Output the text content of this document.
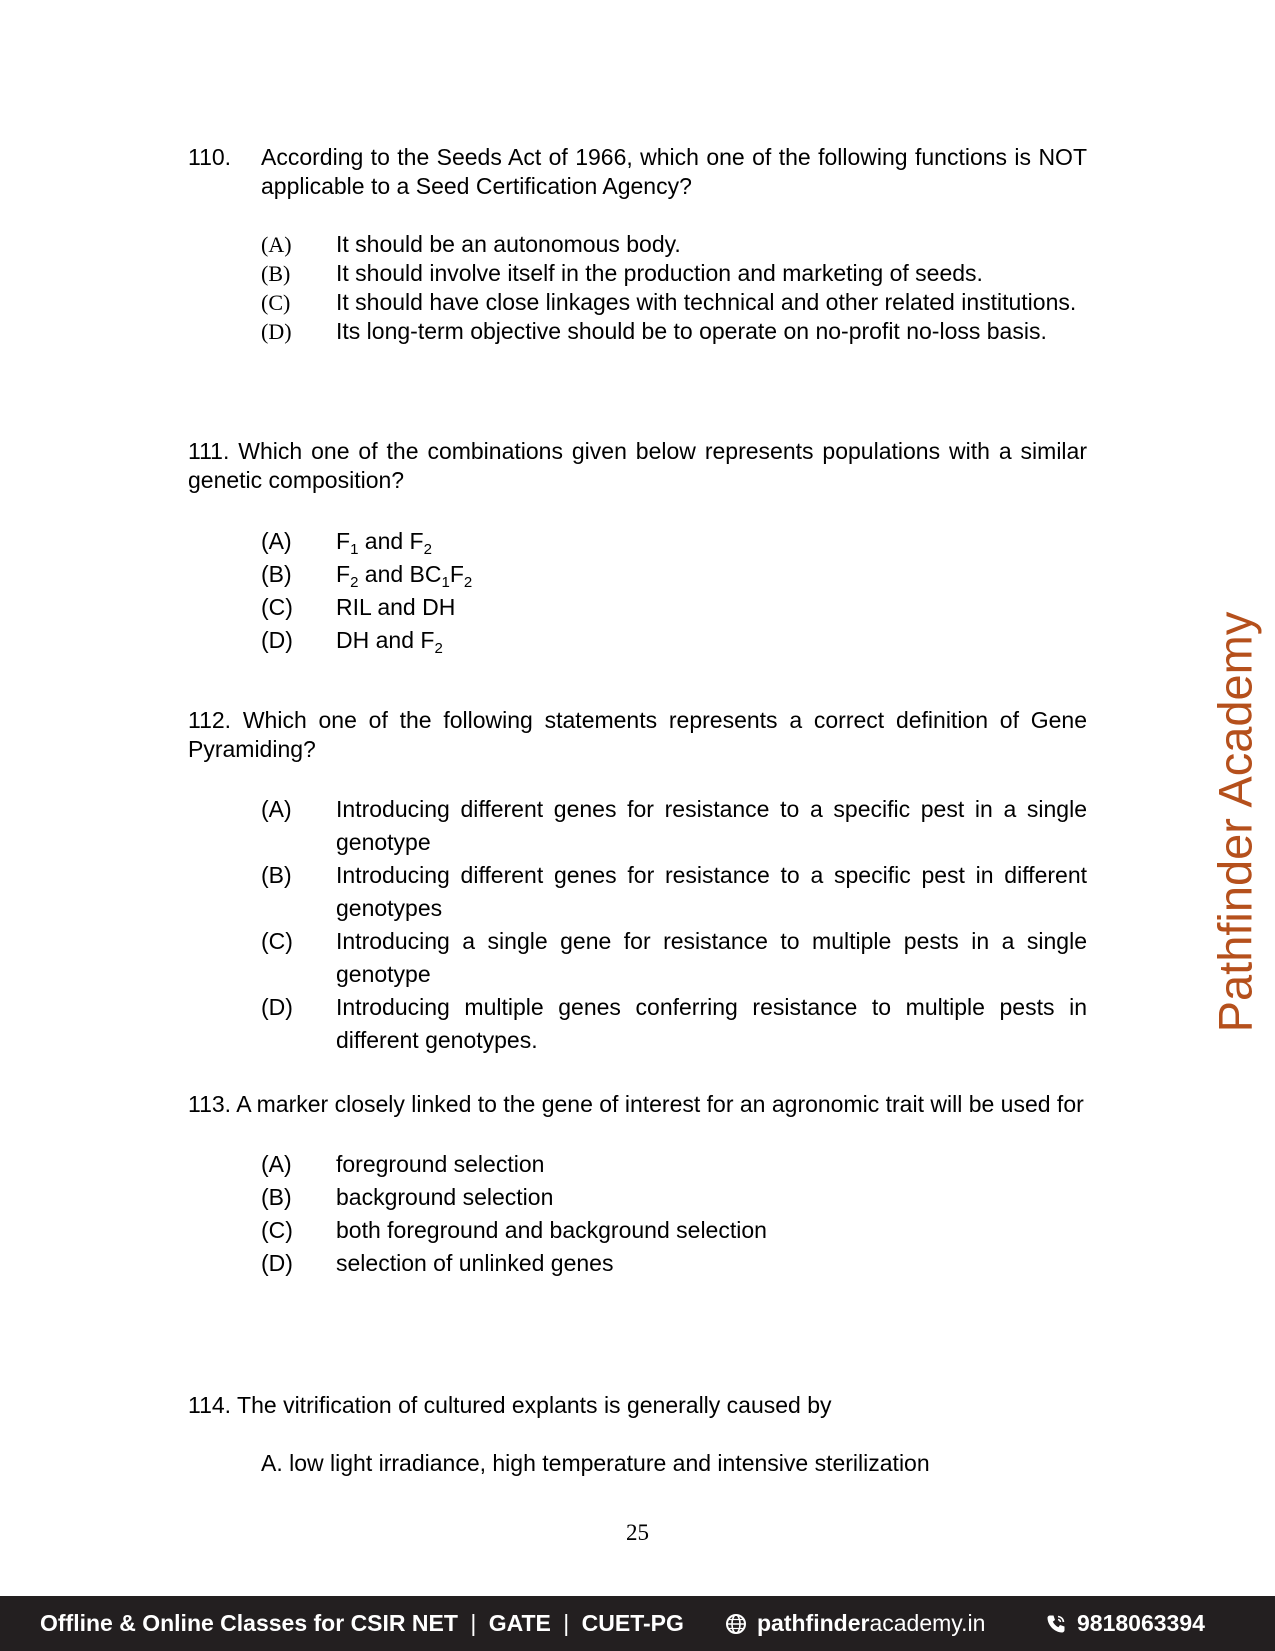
110.	According to the Seeds Act of 1966, which one of the following functions is NOT applicable to a Seed Certification Agency?
(A)	It should be an autonomous body.
(B)	It should involve itself in the production and marketing of seeds.
(C)	It should have close linkages with technical and other related institutions.
(D)	Its long-term objective should be to operate on no-profit no-loss basis.
111. Which one of the combinations given below represents populations with a similar genetic composition?
(A)	$F_1$ and $F_2$
(B)	$F_2$ and $BC_1F_2$
(C)	RIL and DH
(D)	DH and $F_2$
112. Which one of the following statements represents a correct definition of Gene Pyramiding?
(A)	Introducing different genes for resistance to a specific pest in a single genotype
(B)	Introducing different genes for resistance to a specific pest in different genotypes
(C)	Introducing a single gene for resistance to multiple pests in a single genotype
(D)	Introducing multiple genes conferring resistance to multiple pests in different genotypes.
113. A marker closely linked to the gene of interest for an agronomic trait will be used for
(A)	foreground selection
(B)	background selection
(C)	both foreground and background selection
(D)	selection of unlinked genes
114. The vitrification of cultured explants is generally caused by
A. low light irradiance, high temperature and intensive sterilization
Pathfinder Academy
25
Offline & Online Classes for CSIR NET | GATE | CUET-PG	pathfinder academy.in	9818063394
